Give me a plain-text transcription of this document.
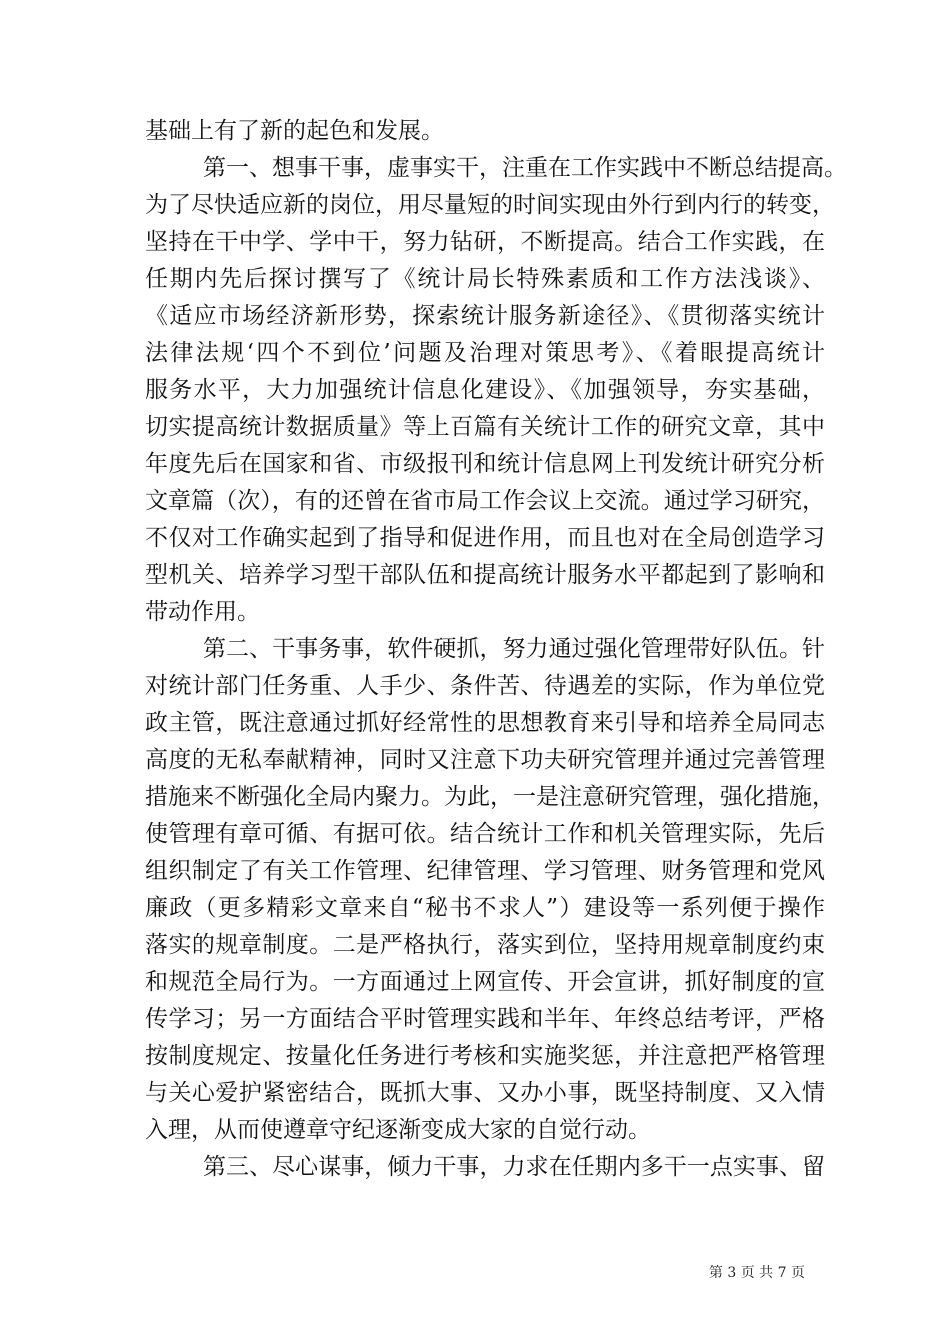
基础上有了新的起色和发展。
第一、想事干事，虚事实干，注重在工作实践中不断总结提高。
为了尽快适应新的岗位，用尽量短的时间实现由外行到内行的转变，
坚持在干中学、学中干，努力钻研，不断提高。结合工作实践，在
任期内先后探讨撰写了《统计局长特殊素质和工作方法浅谈》、
《适应市场经济新形势，探索统计服务新途径》、《贯彻落实统计
法律法规‘四个不到位’问题及治理对策思考》、《着眼提高统计
服务水平，大力加强统计信息化建设》、《加强领导，夯实基础，
切实提高统计数据质量》等上百篇有关统计工作的研究文章，其中
年度先后在国家和省、市级报刊和统计信息网上刊发统计研究分析
文章篇（次），有的还曾在省市局工作会议上交流。通过学习研究，
不仅对工作确实起到了指导和促进作用，而且也对在全局创造学习
型机关、培养学习型干部队伍和提高统计服务水平都起到了影响和
带动作用。
第二、干事务事，软件硬抓，努力通过强化管理带好队伍。针
对统计部门任务重、人手少、条件苦、待遇差的实际，作为单位党
政主管，既注意通过抓好经常性的思想教育来引导和培养全局同志
高度的无私奉献精神，同时又注意下功夫研究管理并通过完善管理
措施来不断强化全局内聚力。为此，一是注意研究管理，强化措施，
使管理有章可循、有据可依。结合统计工作和机关管理实际，先后
组织制定了有关工作管理、纪律管理、学习管理、财务管理和党风
廉政（更多精彩文章来自“秘书不求人”）建设等一系列便于操作
落实的规章制度。二是严格执行，落实到位，坚持用规章制度约束
和规范全局行为。一方面通过上网宣传、开会宣讲，抓好制度的宣
传学习；另一方面结合平时管理实践和半年、年终总结考评，严格
按制度规定、按量化任务进行考核和实施奖惩，并注意把严格管理
与关心爱护紧密结合，既抓大事、又办小事，既坚持制度、又入情
入理，从而使遵章守纪逐渐变成大家的自觉行动。
第三、尽心谋事，倾力干事，力求在任期内多干一点实事、留
第 3 页 共 7 页
